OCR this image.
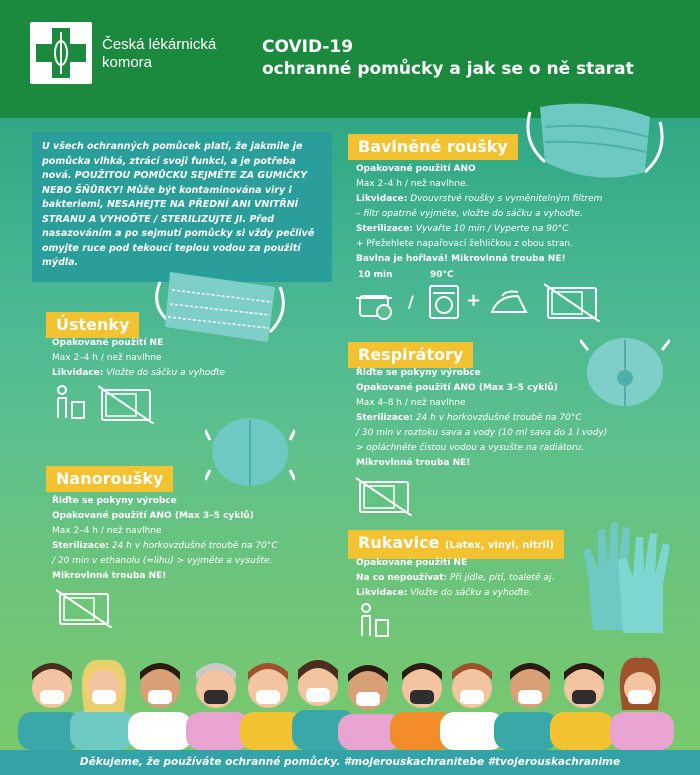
Česká lékárnická komora
COVID-19
ochranné pomůcky a jak se o ně starat
U všech ochranných pomůcek platí, že jakmile je pomůcka vlhká, ztrácí svoji funkci, a je potřeba nová. POUŽITOU POMŮCKU SEJMĚTE ZA GUMIČKY NEBO ŠŇŮRKY! Může být kontaminována viry i bakteriemi, NESAHEJTE NA PŘEDNÍ ANI VNITŘNÍ STRANU A VYHOĎTE / STERILIZUJTE JI. Před nasazováním a po sejmutí pomůcky si vždy pečlivě omyjte ruce pod tekoucí teplou vodou za použití mýdla.
Bavlněné roušky
Opakované použití ANO
Max 2–4 h / než navlhne.
Likvidace: Dvouvrstvé roušky s vyměnitelným filtrem
– filtr opatrně vyjměte, vložte do sáčku a vyhoďte.
Sterilizace: Vyvařte 10 min / Vyperte na 90°C
+ Přežehlete napařovací žehličkou z obou stran.
Bavlna je hořlavá! Mikrovlnná trouba NE!
10 min	90°C
/	+
Ústenky
Opakované použití NE
Max 2–4 h / než navlhne
Likvidace: Vložte do sáčku a vyhoďte
Respirátory
Řiďte se pokyny výrobce
Opakované použití ANO (Max 3–5 cyklů)
Max 4–8 h / než navlhne
Sterilizace: 24 h v horkovzdušné troubě na 70°C
/ 30 min v roztoku sava a vody (10 ml sava do 1 l vody)
> opláchněte čistou vodou a vysušte na radiátoru.
Mikrovlnná trouba NE!
Nanoroušky
Řiďte se pokyny výrobce
Opakované použití ANO (Max 3–5 cyklů)
Max 2–4 h / než navlhne
Sterilizace: 24 h v horkovzdušné troubě na 70°C
/ 20 min v ethanolu (≈lihu) > vyjměte a vysušte.
Mikrovlnná trouba NE!
Rukavice (Latex, vinyl, nitril)
Opakované použití NE
Na co nepoužívat: Při jídle, pití, toaletě aj.
Likvidace: Vložte do sáčku a vyhoďte.
Děkujeme, že používáte ochranné pomůcky. #mojerouskachranitebe #tvojerouskachranime
